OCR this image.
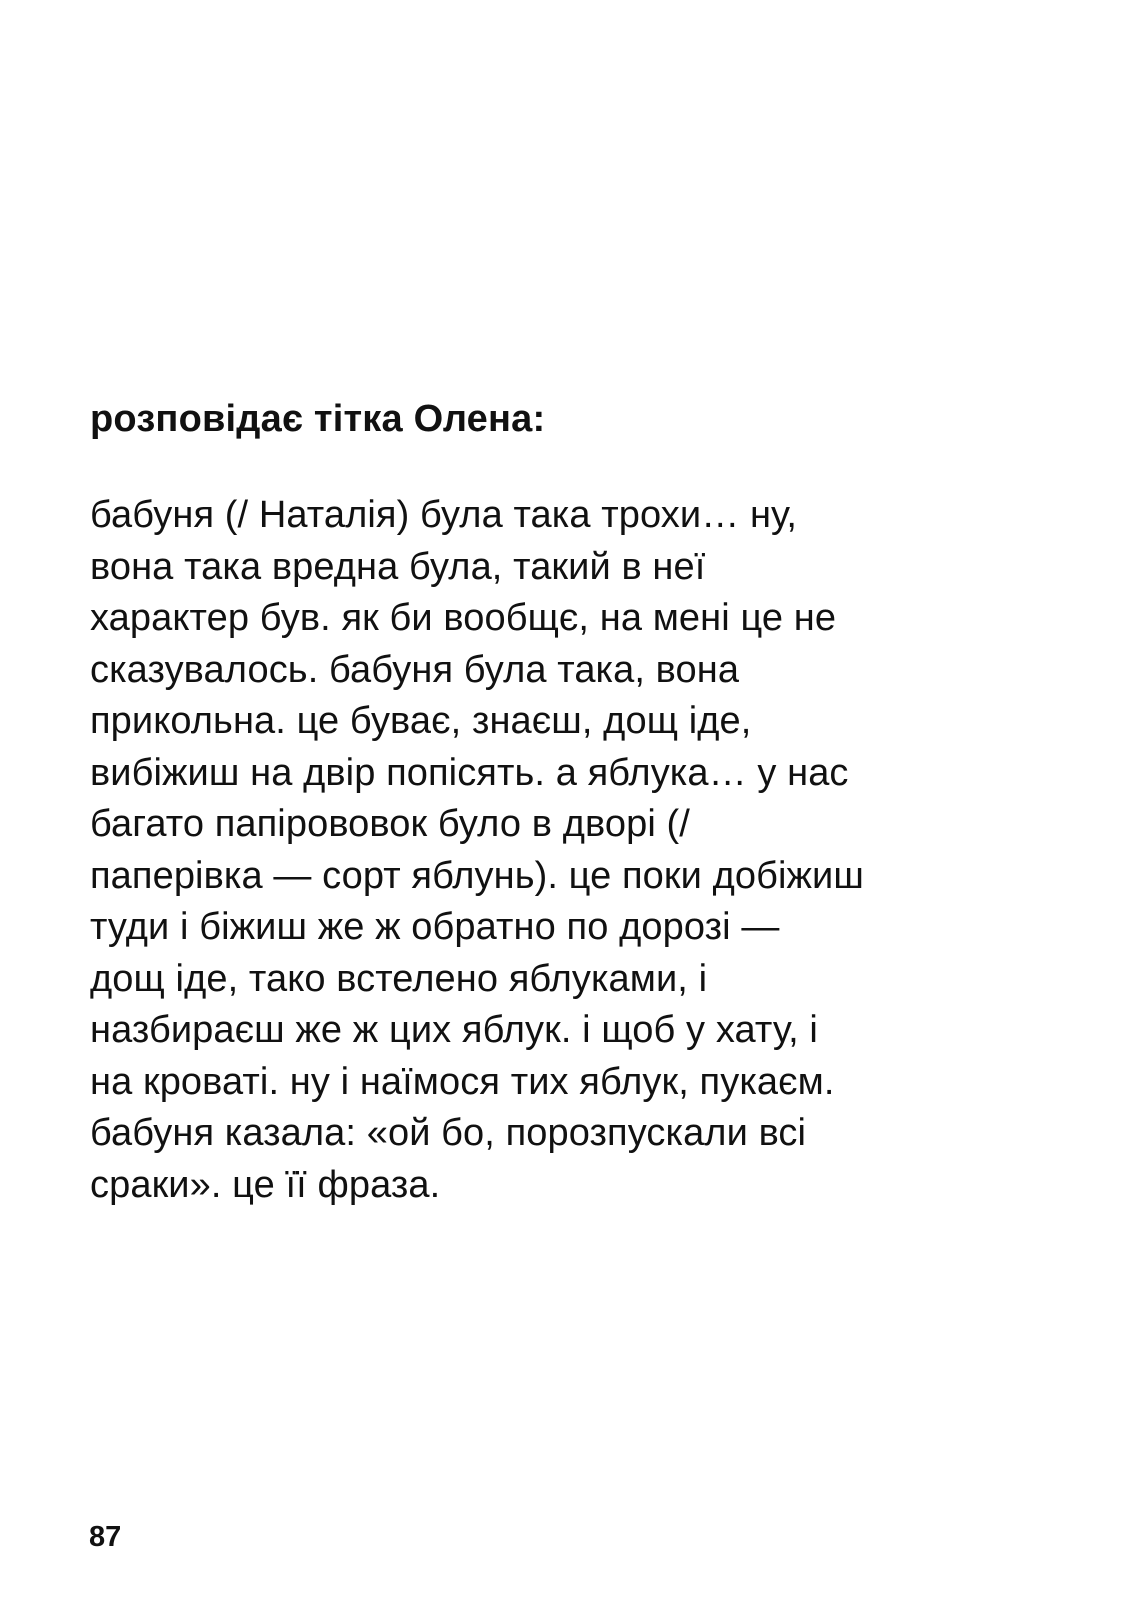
розповідає тітка Олена:

бабуня (/ Наталія) була така трохи… ну,
вона така вредна була, такий в неї
характер був. як би вообщє, на мені це не
сказувалось. бабуня була така, вона
прикольна. це буває, знаєш, дощ іде,
вибіжиш на двір попісять. а яблука… у нас
багато папірововок було в дворі (/
паперівка — сорт яблунь). це поки добіжиш
туди і біжиш же ж обратно по дорозі —
дощ іде, тако встелено яблуками, і
назбираєш же ж цих яблук. і щоб у хату, і
на кроваті. ну і наїмося тих яблук, пукаєм.
бабуня казала: «ой бо, порозпускали всі
сраки». це її фраза.

87
